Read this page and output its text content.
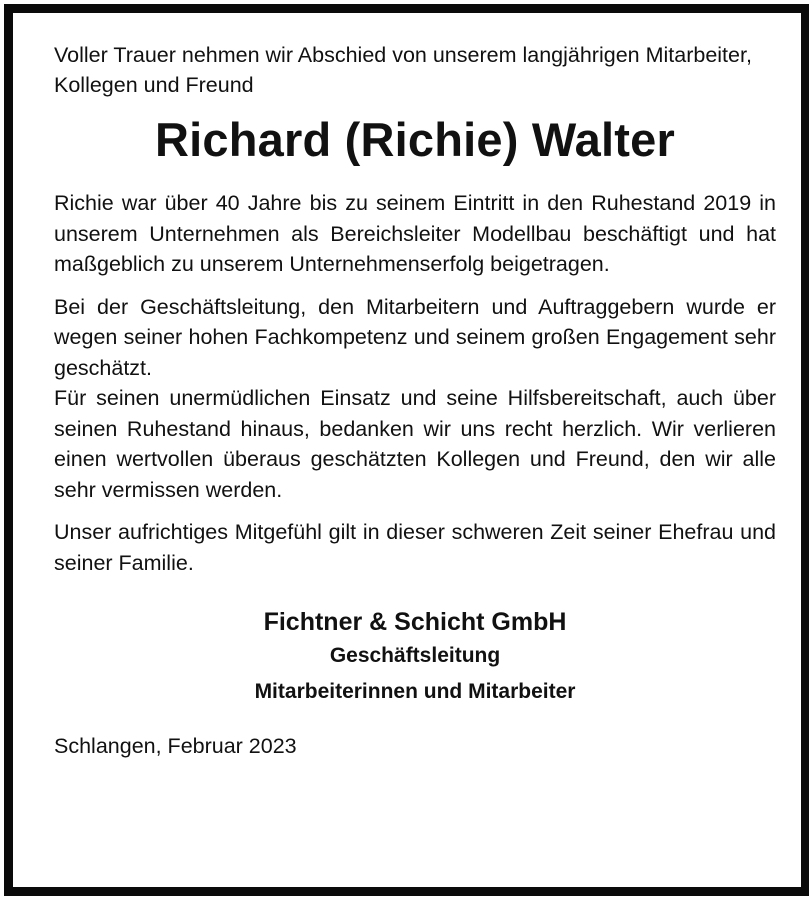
Voller Trauer nehmen wir Abschied von unserem langjährigen Mitarbeiter, Kollegen und Freund

Richard (Richie) Walter

Richie war über 40 Jahre bis zu seinem Eintritt in den Ruhestand 2019 in unserem Unternehmen als Bereichsleiter Modellbau beschäftigt und hat maßgeblich zu unserem Unternehmenserfolg beigetragen.

Bei der Geschäftsleitung, den Mitarbeitern und Auftraggebern wurde er wegen seiner hohen Fachkompetenz und seinem großen Engagement sehr geschätzt.

Für seinen unermüdlichen Einsatz und seine Hilfsbereitschaft, auch über seinen Ruhestand hinaus, bedanken wir uns recht herzlich. Wir verlieren einen wertvollen überaus geschätzten Kollegen und Freund, den wir alle sehr vermissen werden.

Unser aufrichtiges Mitgefühl gilt in dieser schweren Zeit seiner Ehefrau und seiner Familie.

Fichtner & Schicht GmbH

Geschäftsleitung

Mitarbeiterinnen und Mitarbeiter

Schlangen, Februar 2023
